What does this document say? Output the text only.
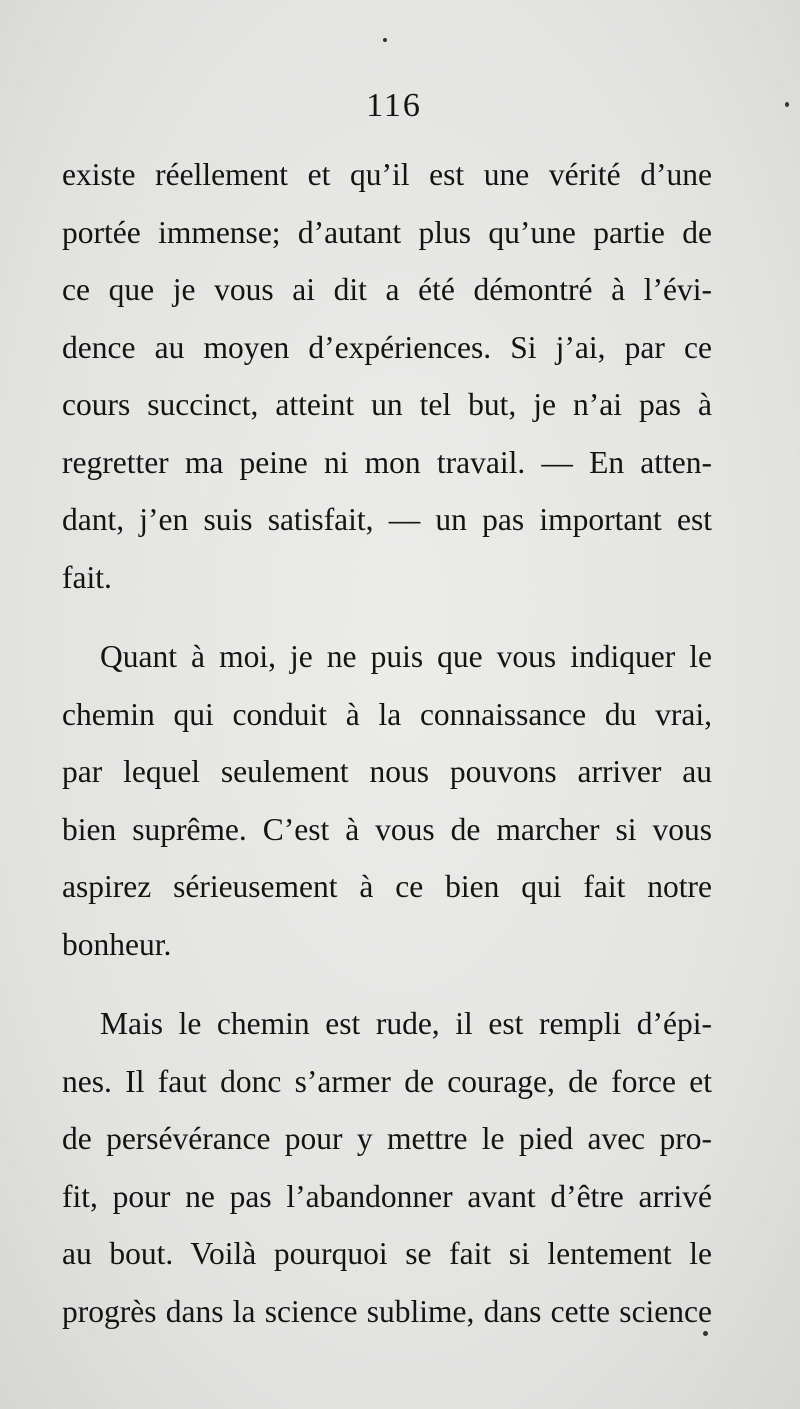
116

existe réellement et qu’il est une vérité d’une
portée immense; d’autant plus qu’une partie de
ce que je vous ai dit a été démontré à l’évi-
dence au moyen d’expériences. Si j’ai, par ce
cours succinct, atteint un tel but, je n’ai pas à
regretter ma peine ni mon travail. — En atten-
dant, j’en suis satisfait, — un pas important est
fait.

Quant à moi, je ne puis que vous indiquer le
chemin qui conduit à la connaissance du vrai,
par lequel seulement nous pouvons arriver au
bien suprême. C’est à vous de marcher si vous
aspirez sérieusement à ce bien qui fait notre
bonheur.

Mais le chemin est rude, il est rempli d’épi-
nes. Il faut donc s’armer de courage, de force et
de persévérance pour y mettre le pied avec pro-
fit, pour ne pas l’abandonner avant d’être arrivé
au bout. Voilà pourquoi se fait si lentement le
progrès dans la science sublime, dans cette science
